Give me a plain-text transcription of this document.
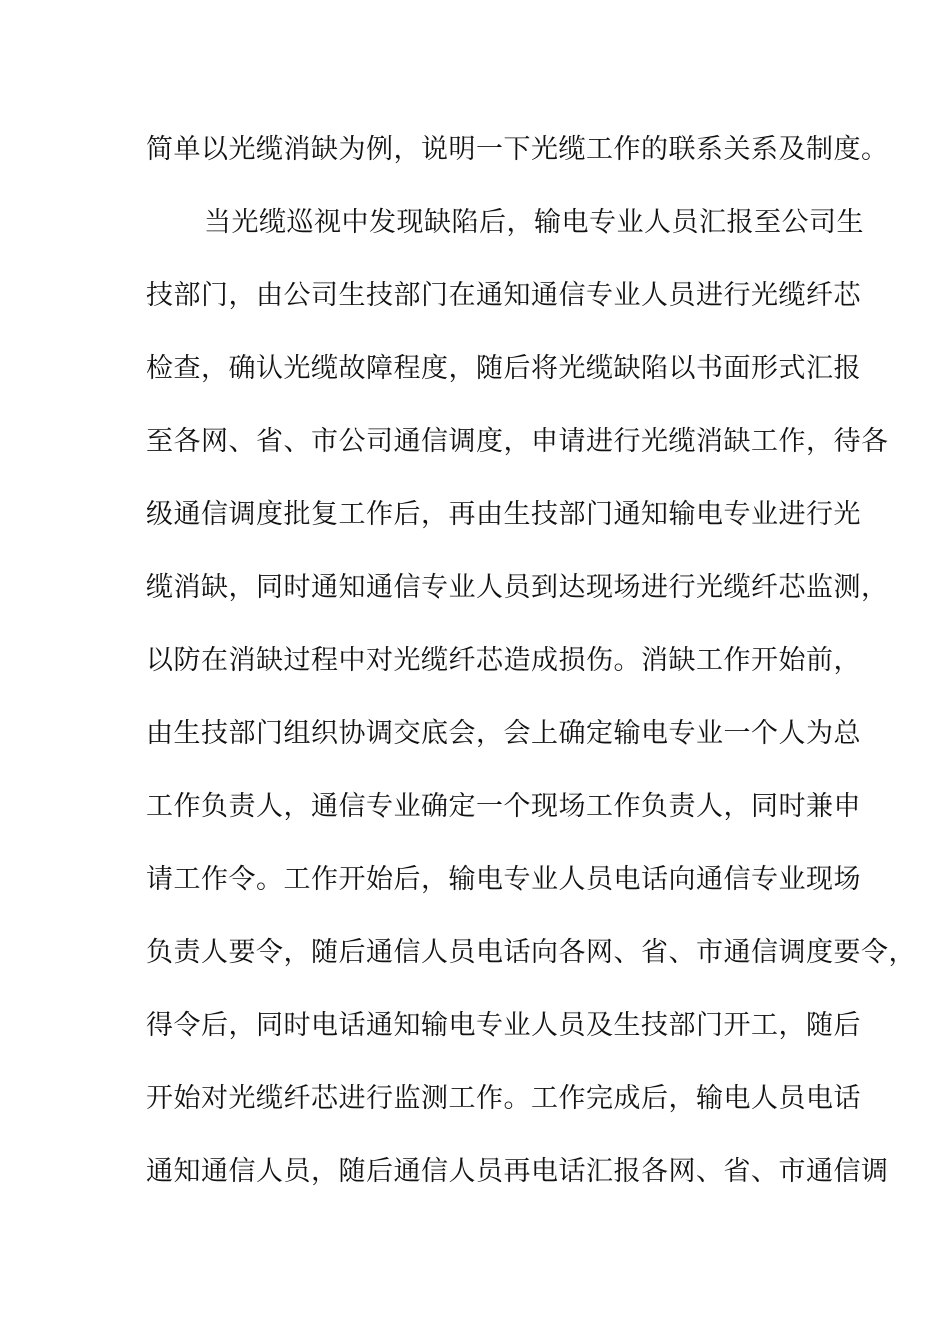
简单以光缆消缺为例，说明一下光缆工作的联系关系及制度。
当光缆巡视中发现缺陷后，输电专业人员汇报至公司生
技部门，由公司生技部门在通知通信专业人员进行光缆纤芯
检查，确认光缆故障程度，随后将光缆缺陷以书面形式汇报
至各网、省、市公司通信调度，申请进行光缆消缺工作，待各
级通信调度批复工作后，再由生技部门通知输电专业进行光
缆消缺，同时通知通信专业人员到达现场进行光缆纤芯监测，
以防在消缺过程中对光缆纤芯造成损伤。消缺工作开始前，
由生技部门组织协调交底会，会上确定输电专业一个人为总
工作负责人，通信专业确定一个现场工作负责人，同时兼申
请工作令。工作开始后，输电专业人员电话向通信专业现场
负责人要令，随后通信人员电话向各网、省、市通信调度要令，
得令后，同时电话通知输电专业人员及生技部门开工，随后
开始对光缆纤芯进行监测工作。工作完成后，输电人员电话
通知通信人员，随后通信人员再电话汇报各网、省、市通信调
